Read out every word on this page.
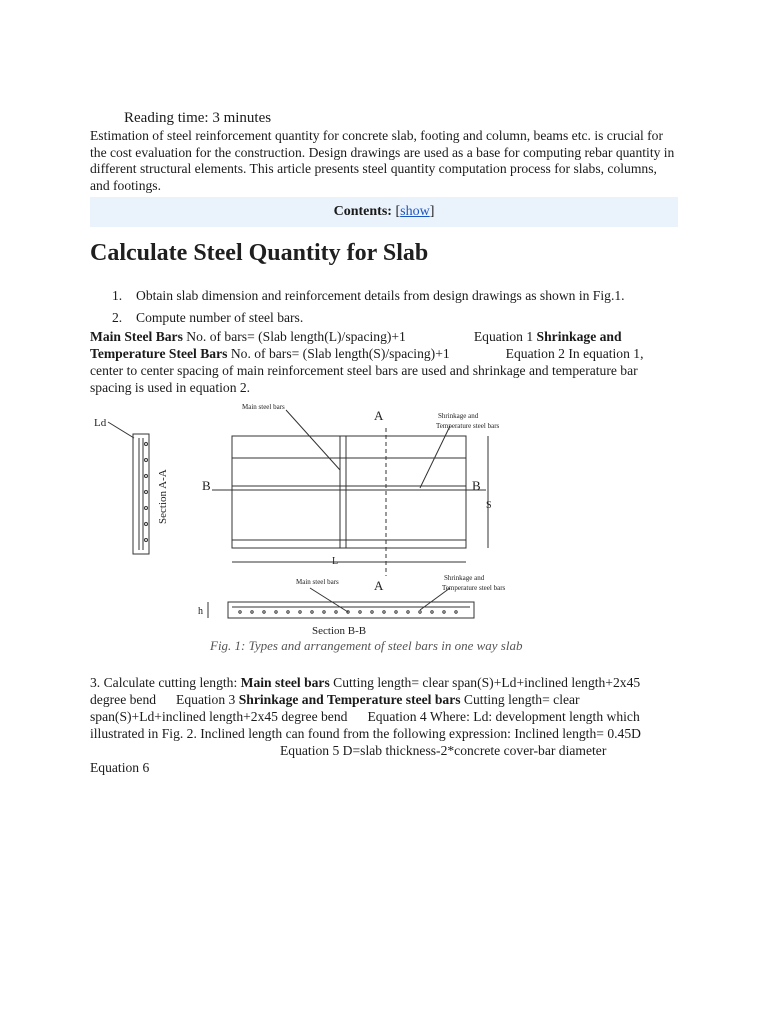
Reading time: 3 minutes
Estimation of steel reinforcement quantity for concrete slab, footing and column, beams etc. is crucial for the cost evaluation for the construction. Design drawings are used as a base for computing rebar quantity in different structural elements. This article presents steel quantity computation process for slabs, columns, and footings.
Contents: [show]
Calculate Steel Quantity for Slab
1. Obtain slab dimension and reinforcement details from design drawings as shown in Fig.1.
2. Compute number of steel bars.
Main Steel Bars No. of bars= (Slab length(L)/spacing)+1	Equation 1 Shrinkage and Temperature Steel Bars No. of bars= (Slab length(S)/spacing)+1	Equation 2 In equation 1, center to center spacing of main reinforcement steel bars are used and shrinkage and temperature bar spacing is used in equation 2.
Ld
Section A-A
Main steel bars
A	Shrinkage and
Temperature steel bars
B	B
S
L
A
Main steel bars	Shrinkage and
Temperature steel bars
h
Section B-B
Fig. 1: Types and arrangement of steel bars in one way slab
3. Calculate cutting length: Main steel bars Cutting length= clear span(S)+Ld+inclined length+2x45 degree bend Equation 3 Shrinkage and Temperature steel bars Cutting length= clear span(S)+Ld+inclined length+2x45 degree bend Equation 4 Where: Ld: development length which illustrated in Fig. 2. Inclined length can found from the following expression: Inclined length= 0.45DEquation 5 D=slab thickness-2*concrete cover-bar diameterEquation 6
